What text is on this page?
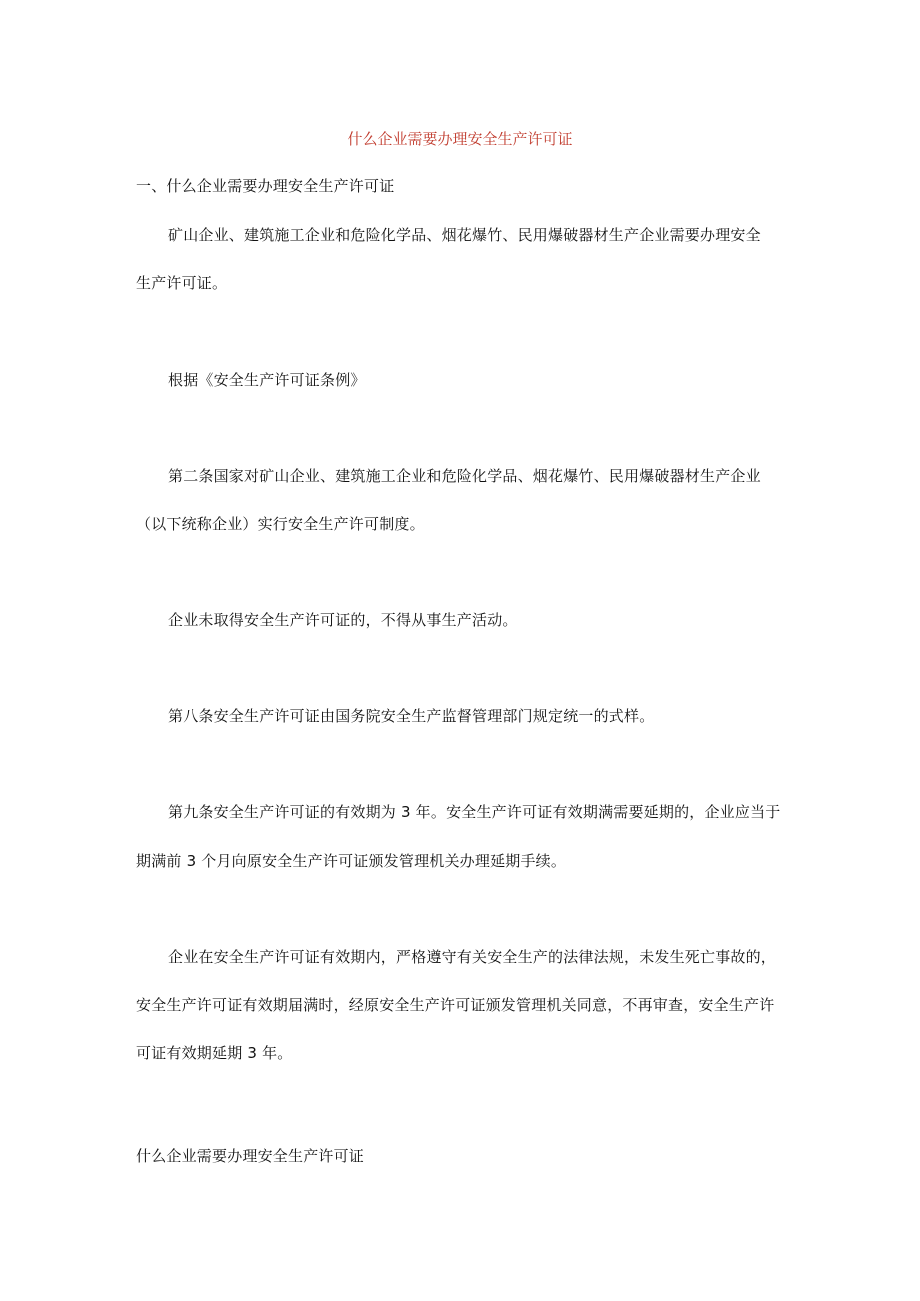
什么企业需要办理安全生产许可证
一、什么企业需要办理安全生产许可证
矿山企业、建筑施工企业和危险化学品、烟花爆竹、民用爆破器材生产企业需要办理安全
生产许可证。
根据《安全生产许可证条例》
第二条国家对矿山企业、建筑施工企业和危险化学品、烟花爆竹、民用爆破器材生产企业
（以下统称企业）实行安全生产许可制度。
企业未取得安全生产许可证的，不得从事生产活动。
第八条安全生产许可证由国务院安全生产监督管理部门规定统一的式样。
第九条安全生产许可证的有效期为 3 年。安全生产许可证有效期满需要延期的，企业应当于
期满前 3 个月向原安全生产许可证颁发管理机关办理延期手续。
企业在安全生产许可证有效期内，严格遵守有关安全生产的法律法规，未发生死亡事故的，
安全生产许可证有效期届满时，经原安全生产许可证颁发管理机关同意，不再审查，安全生产许
可证有效期延期 3 年。
什么企业需要办理安全生产许可证
